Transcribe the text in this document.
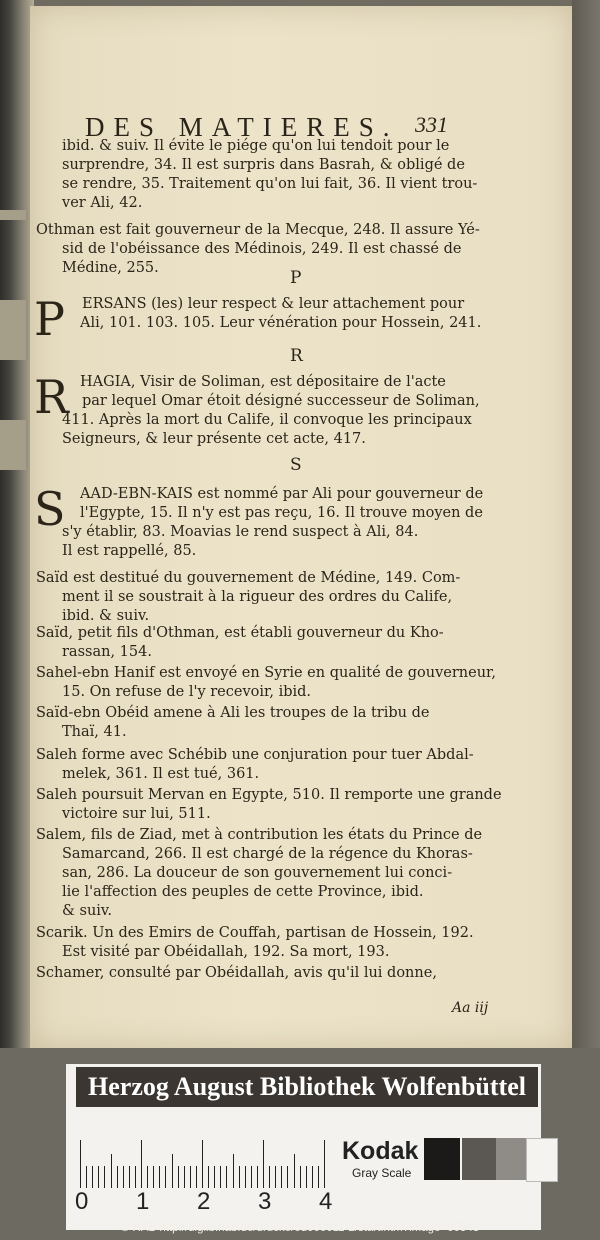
DES MATIERES. 331
ibid. & suiv. Il évite le piége qu'on lui tendoit pour le
surprendre, 34. Il est surpris dans Basrah, & obligé de
se rendre, 35. Traitement qu'on lui fait, 36. Il vient trou-
ver Ali, 42.
Othman est fait gouverneur de la Mecque, 248. Il assure Yé-
sid de l'obéissance des Médinois, 249. Il est chassé de
Médine, 255.
ERSANS (les) leur respect & leur attachement pour
Ali, 101. 103. 105. Leur vénération pour Hossein, 241.
HAGIA, Visir de Soliman, est dépositaire de l'acte
par lequel Omar étoit désigné successeur de Soliman,
411. Après la mort du Calife, il convoque les principaux
Seigneurs, & leur présente cet acte, 417.
AAD-EBN-KAIS est nommé par Ali pour gouverneur de
l'Egypte, 15. Il n'y est pas reçu, 16. Il trouve moyen de
s'y établir, 83. Moavias le rend suspect à Ali, 84.
Il est rappellé, 85.
Saïd est destitué du gouvernement de Médine, 149. Com-
ment il se soustrait à la rigueur des ordres du Calife,
ibid. & suiv.
Saïd, petit fils d'Othman, est établi gouverneur du Kho-
rassan, 154.
Sahel-ebn Hanif est envoyé en Syrie en qualité de gouverneur,
15. On refuse de l'y recevoir, ibid.
Saïd-ebn Obéid amene à Ali les troupes de la tribu de
Thaï, 41.
Saleh forme avec Schébib une conjuration pour tuer Abdal-
melek, 361. Il est tué, 361.
Saleh poursuit Mervan en Egypte, 510. Il remporte une grande
victoire sur lui, 511.
Salem, fils de Ziad, met à contribution les états du Prince de
Samarcand, 266. Il est chargé de la régence du Khoras-
san, 286. La douceur de son gouvernement lui conci-
lie l'affection des peuples de cette Province, ibid.
& suiv.
Scarik. Un des Emirs de Couffah, partisan de Hossein, 192.
Est visité par Obéidallah, 192. Sa mort, 193.
Schamer, consulté par Obéidallah, avis qu'il lui donne,
P
R
S
P
R
S
Aa iij
Herzog August Bibliothek Wolfenbüttel
0 1 2 3 4
Kodak
Gray Scale
© HAB http://diglib.hab.de/drucke/ed000011-2/start.htm?image=00543
